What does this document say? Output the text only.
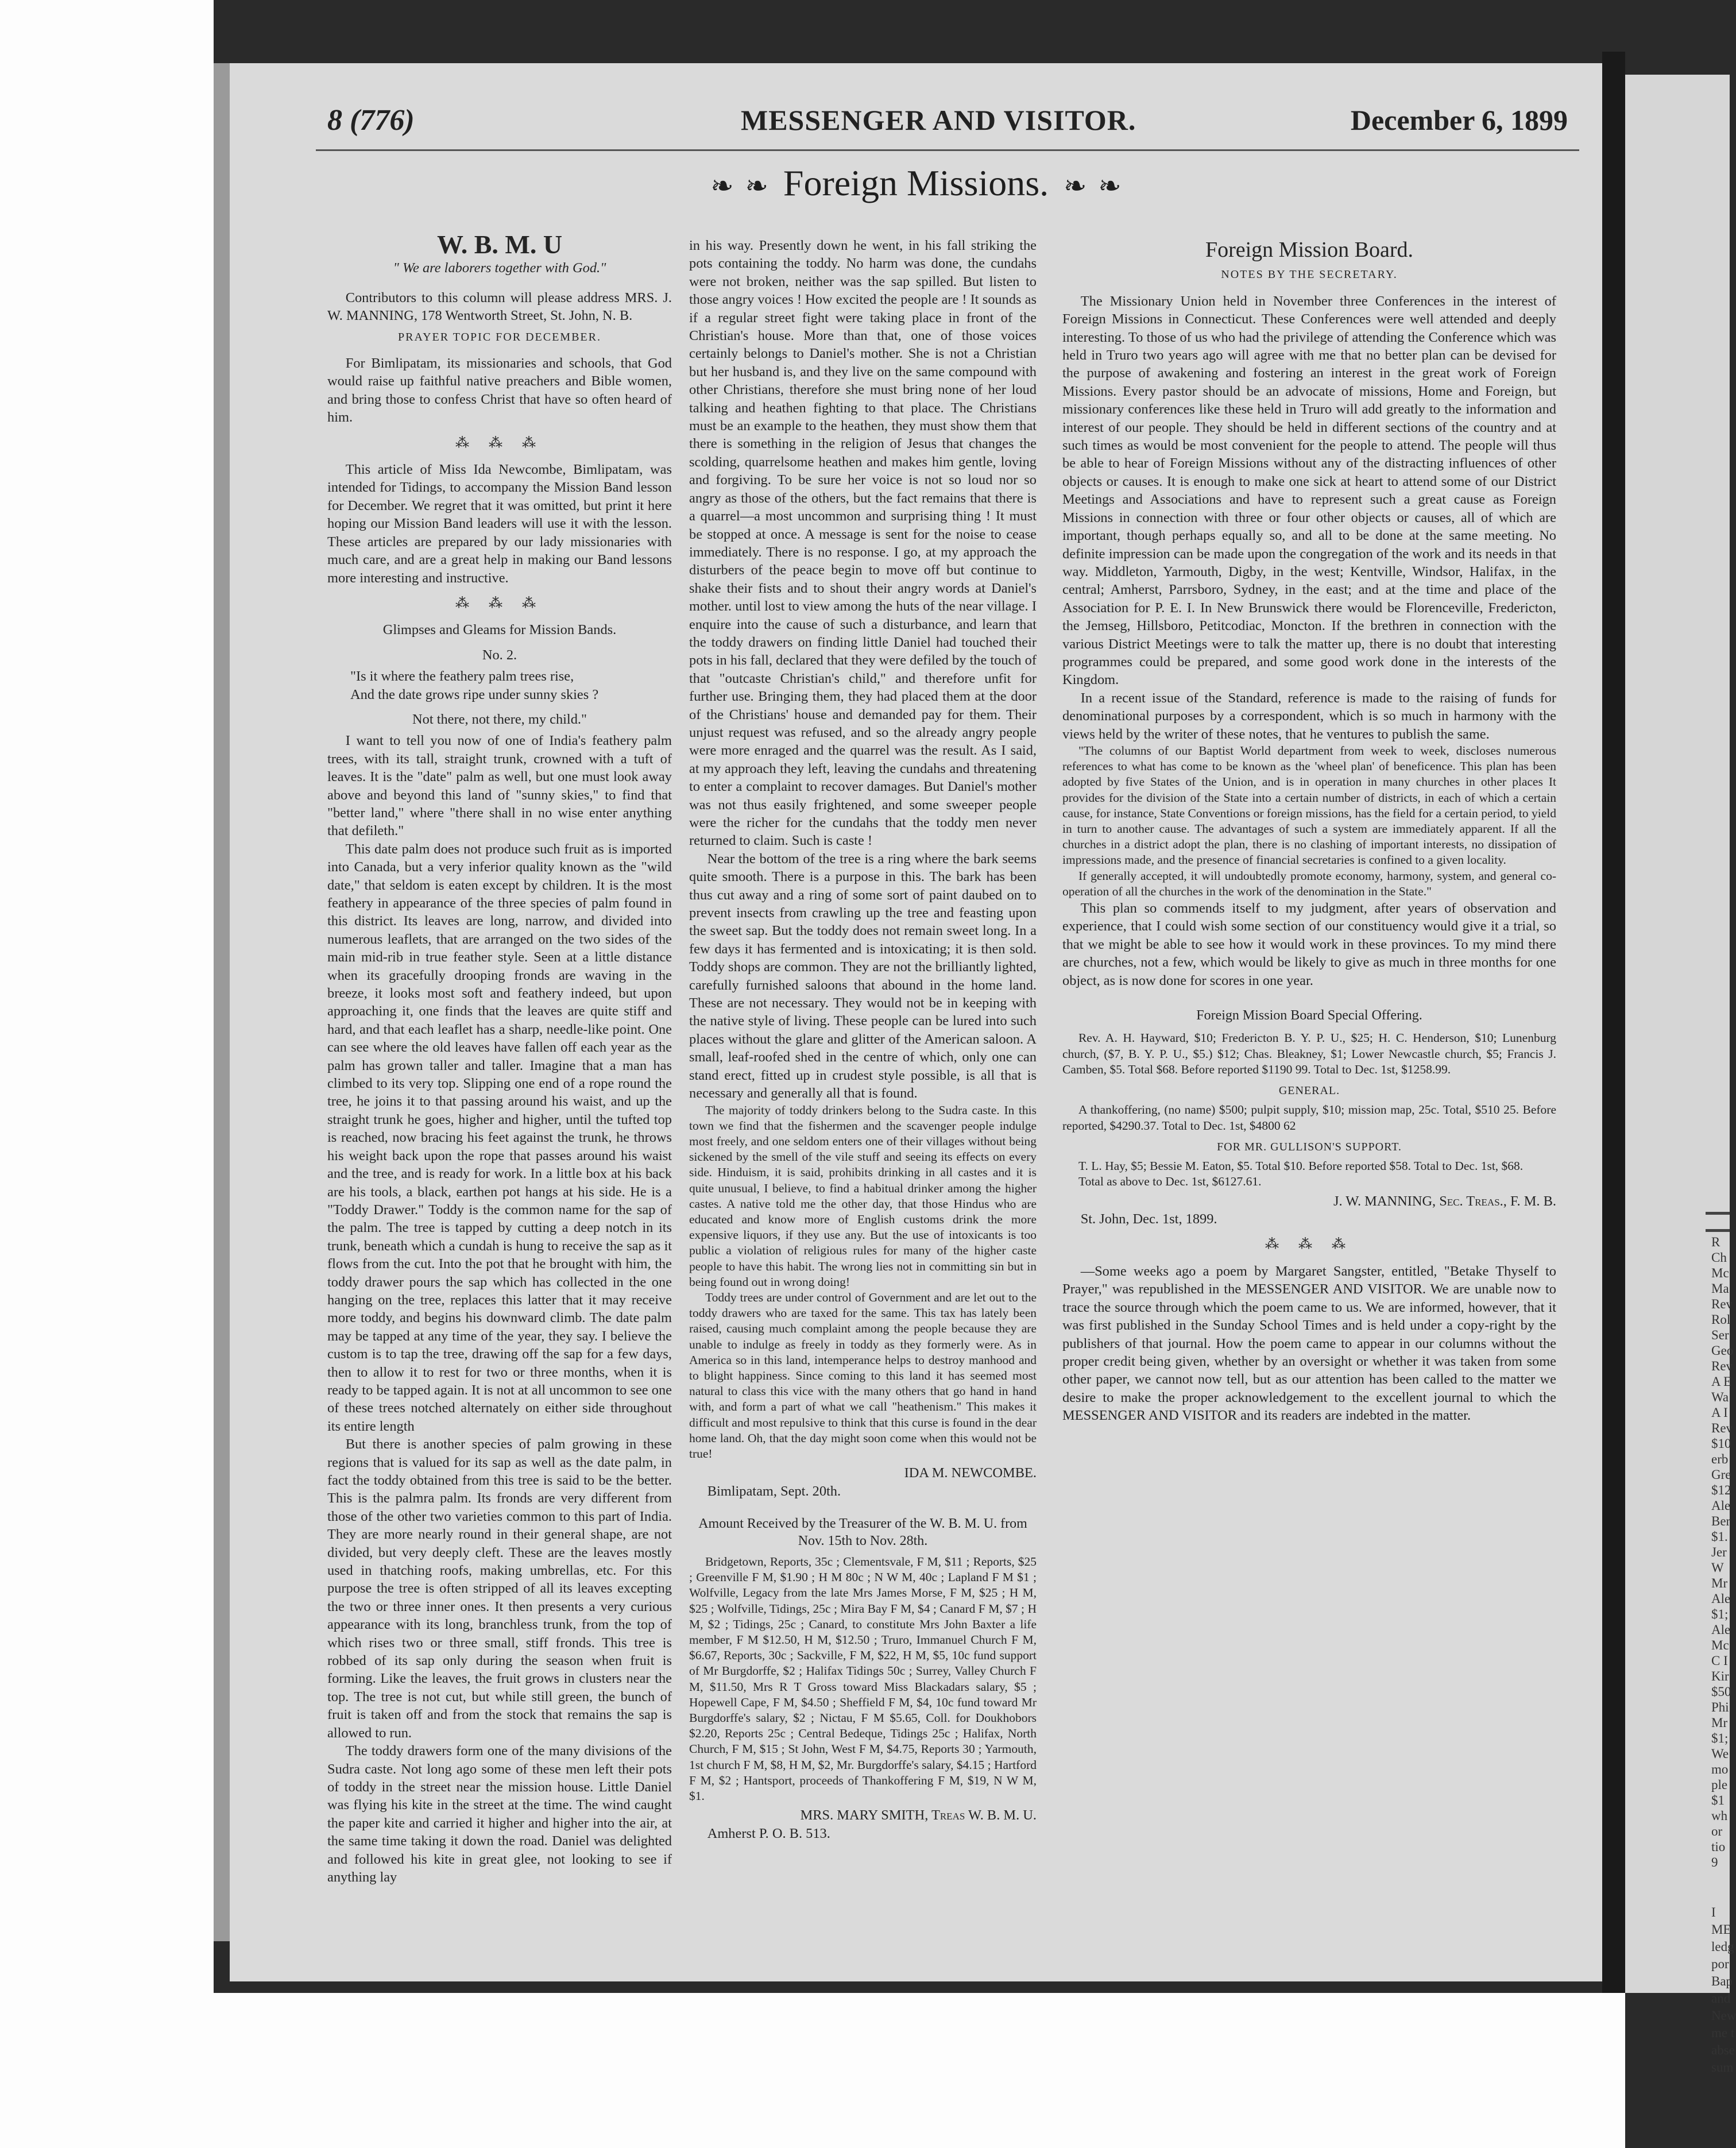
8 (776)	MESSENGER AND VISITOR.	December 6, 1899
❧ ❧ Foreign Missions. ❧ ❧

W. B. M. U

" We are laborers together with God."

Contributors to this column will please address MRS. J. W. MANNING, 178 Wentworth Street, St. John, N. B.

PRAYER TOPIC FOR DECEMBER.

For Bimlipatam, its missionaries and schools, that God would raise up faithful native preachers and Bible women, and bring those to confess Christ that have so often heard of him.

⁂ ⁂ ⁂

This article of Miss Ida Newcombe, Bimlipatam, was intended for Tidings, to accompany the Mission Band lesson for December. We regret that it was omitted, but print it here hoping our Mission Band leaders will use it with the lesson. These articles are prepared by our lady missionaries with much care, and are a great help in making our Band lessons more interesting and instructive.

⁂ ⁂ ⁂

Glimpses and Gleams for Mission Bands.

No. 2.

"Is it where the feathery palm trees rise,

And the date grows ripe under sunny skies ?

Not there, not there, my child."

I want to tell you now of one of India's feathery palm trees, with its tall, straight trunk, crowned with a tuft of leaves. It is the "date" palm as well, but one must look away above and beyond this land of "sunny skies," to find that "better land," where "there shall in no wise enter anything that defileth."

This date palm does not produce such fruit as is imported into Canada, but a very inferior quality known as the "wild date," that seldom is eaten except by children. It is the most feathery in appearance of the three species of palm found in this district. Its leaves are long, narrow, and divided into numerous leaflets, that are arranged on the two sides of the main mid-rib in true feather style. Seen at a little distance when its gracefully drooping fronds are waving in the breeze, it looks most soft and feathery indeed, but upon approaching it, one finds that the leaves are quite stiff and hard, and that each leaflet has a sharp, needle-like point. One can see where the old leaves have fallen off each year as the palm has grown taller and taller. Imagine that a man has climbed to its very top. Slipping one end of a rope round the tree, he joins it to that passing around his waist, and up the straight trunk he goes, higher and higher, until the tufted top is reached, now bracing his feet against the trunk, he throws his weight back upon the rope that passes around his waist and the tree, and is ready for work. In a little box at his back are his tools, a black, earthen pot hangs at his side. He is a "Toddy Drawer." Toddy is the common name for the sap of the palm. The tree is tapped by cutting a deep notch in its trunk, beneath which a cundah is hung to receive the sap as it flows from the cut. Into the pot that he brought with him, the toddy drawer pours the sap which has collected in the one hanging on the tree, replaces this latter that it may receive more toddy, and begins his downward climb. The date palm may be tapped at any time of the year, they say. I believe the custom is to tap the tree, drawing off the sap for a few days, then to allow it to rest for two or three months, when it is ready to be tapped again. It is not at all uncommon to see one of these trees notched alternately on either side throughout its entire length

But there is another species of palm growing in these regions that is valued for its sap as well as the date palm, in fact the toddy obtained from this tree is said to be the better. This is the palmra palm. Its fronds are very different from those of the other two varieties common to this part of India. They are more nearly round in their general shape, are not divided, but very deeply cleft. These are the leaves mostly used in thatching roofs, making umbrellas, etc. For this purpose the tree is often stripped of all its leaves excepting the two or three inner ones. It then presents a very curious appearance with its long, branchless trunk, from the top of which rises two or three small, stiff fronds. This tree is robbed of its sap only during the season when fruit is forming. Like the leaves, the fruit grows in clusters near the top. The tree is not cut, but while still green, the bunch of fruit is taken off and from the stock that remains the sap is allowed to run.

The toddy drawers form one of the many divisions of the Sudra caste. Not long ago some of these men left their pots of toddy in the street near the mission house. Little Daniel was flying his kite in the street at the time. The wind caught the paper kite and carried it higher and higher into the air, at the same time taking it down the road. Daniel was delighted and followed his kite in great glee, not looking to see if anything lay

in his way. Presently down he went, in his fall striking the pots containing the toddy. No harm was done, the cundahs were not broken, neither was the sap spilled. But listen to those angry voices ! How excited the people are ! It sounds as if a regular street fight were taking place in front of the Christian's house. More than that, one of those voices certainly belongs to Daniel's mother. She is not a Christian but her husband is, and they live on the same compound with other Christians, therefore she must bring none of her loud talking and heathen fighting to that place. The Christians must be an example to the heathen, they must show them that there is something in the religion of Jesus that changes the scolding, quarrelsome heathen and makes him gentle, loving and forgiving. To be sure her voice is not so loud nor so angry as those of the others, but the fact remains that there is a quarrel—a most uncommon and surprising thing ! It must be stopped at once. A message is sent for the noise to cease immediately. There is no response. I go, at my approach the disturbers of the peace begin to move off but continue to shake their fists and to shout their angry words at Daniel's mother. until lost to view among the huts of the near village. I enquire into the cause of such a disturbance, and learn that the toddy drawers on finding little Daniel had touched their pots in his fall, declared that they were defiled by the touch of that "outcaste Christian's child," and therefore unfit for further use. Bringing them, they had placed them at the door of the Christians' house and demanded pay for them. Their unjust request was refused, and so the already angry people were more enraged and the quarrel was the result. As I said, at my approach they left, leaving the cundahs and threatening to enter a complaint to recover damages. But Daniel's mother was not thus easily frightened, and some sweeper people were the richer for the cundahs that the toddy men never returned to claim. Such is caste !

Near the bottom of the tree is a ring where the bark seems quite smooth. There is a purpose in this. The bark has been thus cut away and a ring of some sort of paint daubed on to prevent insects from crawling up the tree and feasting upon the sweet sap. But the toddy does not remain sweet long. In a few days it has fermented and is intoxicating; it is then sold. Toddy shops are common. They are not the brilliantly lighted, carefully furnished saloons that abound in the home land. These are not necessary. They would not be in keeping with the native style of living. These people can be lured into such places without the glare and glitter of the American saloon. A small, leaf-roofed shed in the centre of which, only one can stand erect, fitted up in crudest style possible, is all that is necessary and generally all that is found.

The majority of toddy drinkers belong to the Sudra caste. In this town we find that the fishermen and the scavenger people indulge most freely, and one seldom enters one of their villages without being sickened by the smell of the vile stuff and seeing its effects on every side. Hinduism, it is said, prohibits drinking in all castes and it is quite unusual, I believe, to find a habitual drinker among the higher castes. A native told me the other day, that those Hindus who are educated and know more of English customs drink the more expensive liquors, if they use any. But the use of intoxicants is too public a violation of religious rules for many of the higher caste people to have this habit. The wrong lies not in committing sin but in being found out in wrong doing!

Toddy trees are under control of Government and are let out to the toddy drawers who are taxed for the same. This tax has lately been raised, causing much complaint among the people because they are unable to indulge as freely in toddy as they formerly were. As in America so in this land, intemperance helps to destroy manhood and to blight happiness. Since coming to this land it has seemed most natural to class this vice with the many others that go hand in hand with, and form a part of what we call "heathenism." This makes it difficult and most repulsive to think that this curse is found in the dear home land. Oh, that the day might soon come when this would not be true!

IDA M. NEWCOMBE.

Bimlipatam, Sept. 20th.

Amount Received by the Treasurer of the W. B. M. U. from Nov. 15th to Nov. 28th.

Bridgetown, Reports, 35c ; Clementsvale, F M, $11 ; Reports, $25 ; Greenville F M, $1.90 ; H M 80c ; N W M, 40c ; Lapland F M $1 ; Wolfville, Legacy from the late Mrs James Morse, F M, $25 ; H M, $25 ; Wolfville, Tidings, 25c ; Mira Bay F M, $4 ; Canard F M, $7 ; H M, $2 ; Tidings, 25c ; Canard, to constitute Mrs John Baxter a life member, F M $12.50, H M, $12.50 ; Truro, Immanuel Church F M, $6.67, Reports, 30c ; Sackville, F M, $22, H M, $5, 10c fund support of Mr Burgdorffe, $2 ; Halifax Tidings 50c ; Surrey, Valley Church F M, $11.50, Mrs R T Gross toward Miss Blackadars salary, $5 ; Hopewell Cape, F M, $4.50 ; Sheffield F M, $4, 10c fund toward Mr Burgdorffe's salary, $2 ; Nictau, F M $5.65, Coll. for Doukhobors $2.20, Reports 25c ; Central Bedeque, Tidings 25c ; Halifax, North Church, F M, $15 ; St John, West F M, $4.75, Reports 30 ; Yarmouth, 1st church F M, $8, H M, $2, Mr. Burgdorffe's salary, $4.15 ; Hartford F M, $2 ; Hantsport, proceeds of Thankoffering F M, $19, N W M, $1.

MRS. MARY SMITH, Treas W. B. M. U.

Amherst P. O. B. 513.

Foreign Mission Board.

NOTES BY THE SECRETARY.

The Missionary Union held in November three Conferences in the interest of Foreign Missions in Connecticut. These Conferences were well attended and deeply interesting. To those of us who had the privilege of attending the Conference which was held in Truro two years ago will agree with me that no better plan can be devised for the purpose of awakening and fostering an interest in the great work of Foreign Missions. Every pastor should be an advocate of missions, Home and Foreign, but missionary conferences like these held in Truro will add greatly to the information and interest of our people. They should be held in different sections of the country and at such times as would be most convenient for the people to attend. The people will thus be able to hear of Foreign Missions without any of the distracting influences of other objects or causes. It is enough to make one sick at heart to attend some of our District Meetings and Associations and have to represent such a great cause as Foreign Missions in connection with three or four other objects or causes, all of which are important, though perhaps equally so, and all to be done at the same meeting. No definite impression can be made upon the congregation of the work and its needs in that way. Middleton, Yarmouth, Digby, in the west; Kentville, Windsor, Halifax, in the central; Amherst, Parrsboro, Sydney, in the east; and at the time and place of the Association for P. E. I. In New Brunswick there would be Florenceville, Fredericton, the Jemseg, Hillsboro, Petitcodiac, Moncton. If the brethren in connection with the various District Meetings were to talk the matter up, there is no doubt that interesting programmes could be prepared, and some good work done in the interests of the Kingdom.

In a recent issue of the Standard, reference is made to the raising of funds for denominational purposes by a correspondent, which is so much in harmony with the views held by the writer of these notes, that he ventures to publish the same.

"The columns of our Baptist World department from week to week, discloses numerous references to what has come to be known as the 'wheel plan' of beneficence. This plan has been adopted by five States of the Union, and is in operation in many churches in other places It provides for the division of the State into a certain number of districts, in each of which a certain cause, for instance, State Conventions or foreign missions, has the field for a certain period, to yield in turn to another cause. The advantages of such a system are immediately apparent. If all the churches in a district adopt the plan, there is no clashing of important interests, no dissipation of impressions made, and the presence of financial secretaries is confined to a given locality.

If generally accepted, it will undoubtedly promote economy, harmony, system, and general co-operation of all the churches in the work of the denomination in the State."

This plan so commends itself to my judgment, after years of observation and experience, that I could wish some section of our constituency would give it a trial, so that we might be able to see how it would work in these provinces. To my mind there are churches, not a few, which would be likely to give as much in three months for one object, as is now done for scores in one year.

Foreign Mission Board Special Offering.

Rev. A. H. Hayward, $10; Fredericton B. Y. P. U., $25; H. C. Henderson, $10; Lunenburg church, ($7, B. Y. P. U., $5.) $12; Chas. Bleakney, $1; Lower Newcastle church, $5; Francis J. Camben, $5. Total $68. Before reported $1190 99. Total to Dec. 1st, $1258.99.

GENERAL.

A thankoffering, (no name) $500; pulpit supply, $10; mission map, 25c. Total, $510 25. Before reported, $4290.37. Total to Dec. 1st, $4800 62

FOR MR. GULLISON'S SUPPORT.

T. L. Hay, $5; Bessie M. Eaton, $5. Total $10. Before reported $58. Total to Dec. 1st, $68.

Total as above to Dec. 1st, $6127.61.

J. W. MANNING, Sec. Treas., F. M. B.

St. John, Dec. 1st, 1899.

⁂ ⁂ ⁂

—Some weeks ago a poem by Margaret Sangster, entitled, "Betake Thyself to Prayer," was republished in the MESSENGER AND VISITOR. We are unable now to trace the source through which the poem came to us. We are informed, however, that it was first published in the Sunday School Times and is held under a copy-right by the publishers of that journal. How the poem came to appear in our columns without the proper credit being given, whether by an oversight or whether it was taken from some other paper, we cannot now tell, but as our attention has been called to the matter we desire to make the proper acknowledgement to the excellent journal to which the MESSENGER AND VISITOR and its readers are indebted in the matter.

R
Ch
Mc
Ma
Rev
Rol
Ser
Geo
Rev
A E
Wa
A I
Rev
$10
erb
Gre
$12
Ale
Ber
$1.
Jer
W
Mr
Ale
$1;
Ale
Mc
C I
Kir
$50
Phi
Mr
$1;
We
mo
ple
$1
wh
or
tio
9
I
ME
ledg
por
Bap
and
New
me t
abse
sum
